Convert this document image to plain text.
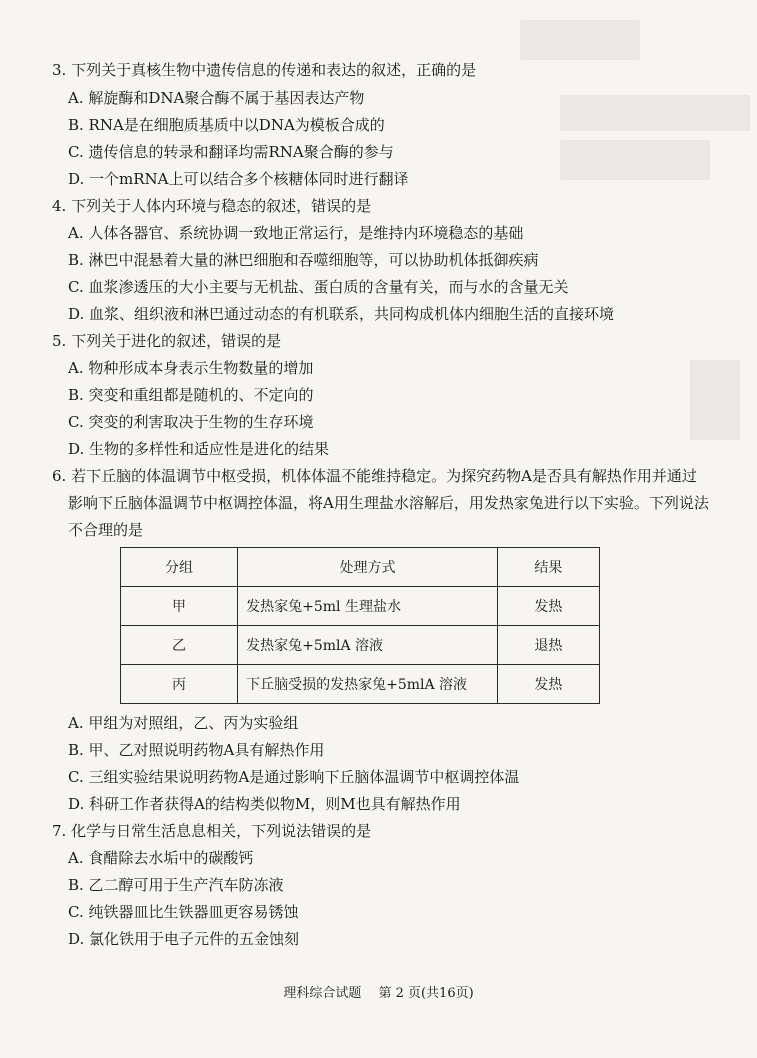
3. 下列关于真核生物中遗传信息的传递和表达的叙述，正确的是
A. 解旋酶和DNA聚合酶不属于基因表达产物
B. RNA是在细胞质基质中以DNA为模板合成的
C. 遗传信息的转录和翻译均需RNA聚合酶的参与
D. 一个mRNA上可以结合多个核糖体同时进行翻译
4. 下列关于人体内环境与稳态的叙述，错误的是
A. 人体各器官、系统协调一致地正常运行，是维持内环境稳态的基础
B. 淋巴中混悬着大量的淋巴细胞和吞噬细胞等，可以协助机体抵御疾病
C. 血浆渗透压的大小主要与无机盐、蛋白质的含量有关，而与水的含量无关
D. 血浆、组织液和淋巴通过动态的有机联系，共同构成机体内细胞生活的直接环境
5. 下列关于进化的叙述，错误的是
A. 物种形成本身表示生物数量的增加
B. 突变和重组都是随机的、不定向的
C. 突变的利害取决于生物的生存环境
D. 生物的多样性和适应性是进化的结果
6. 若下丘脑的体温调节中枢受损，机体体温不能维持稳定。为探究药物A是否具有解热作用并通过
影响下丘脑体温调节中枢调控体温，将A用生理盐水溶解后，用发热家兔进行以下实验。下列说法
不合理的是
分组	处理方式	结果
甲	发热家兔+5ml 生理盐水	发热
乙	发热家兔+5mlA 溶液	退热
丙	下丘脑受损的发热家兔+5mlA 溶液	发热
A. 甲组为对照组，乙、丙为实验组
B. 甲、乙对照说明药物A具有解热作用
C. 三组实验结果说明药物A是通过影响下丘脑体温调节中枢调控体温
D. 科研工作者获得A的结构类似物M，则M也具有解热作用
7. 化学与日常生活息息相关，下列说法错误的是
A. 食醋除去水垢中的碳酸钙
B. 乙二醇可用于生产汽车防冻液
C. 纯铁器皿比生铁器皿更容易锈蚀
D. 氯化铁用于电子元件的五金蚀刻
理科综合试题　 第 2 页(共16页)
